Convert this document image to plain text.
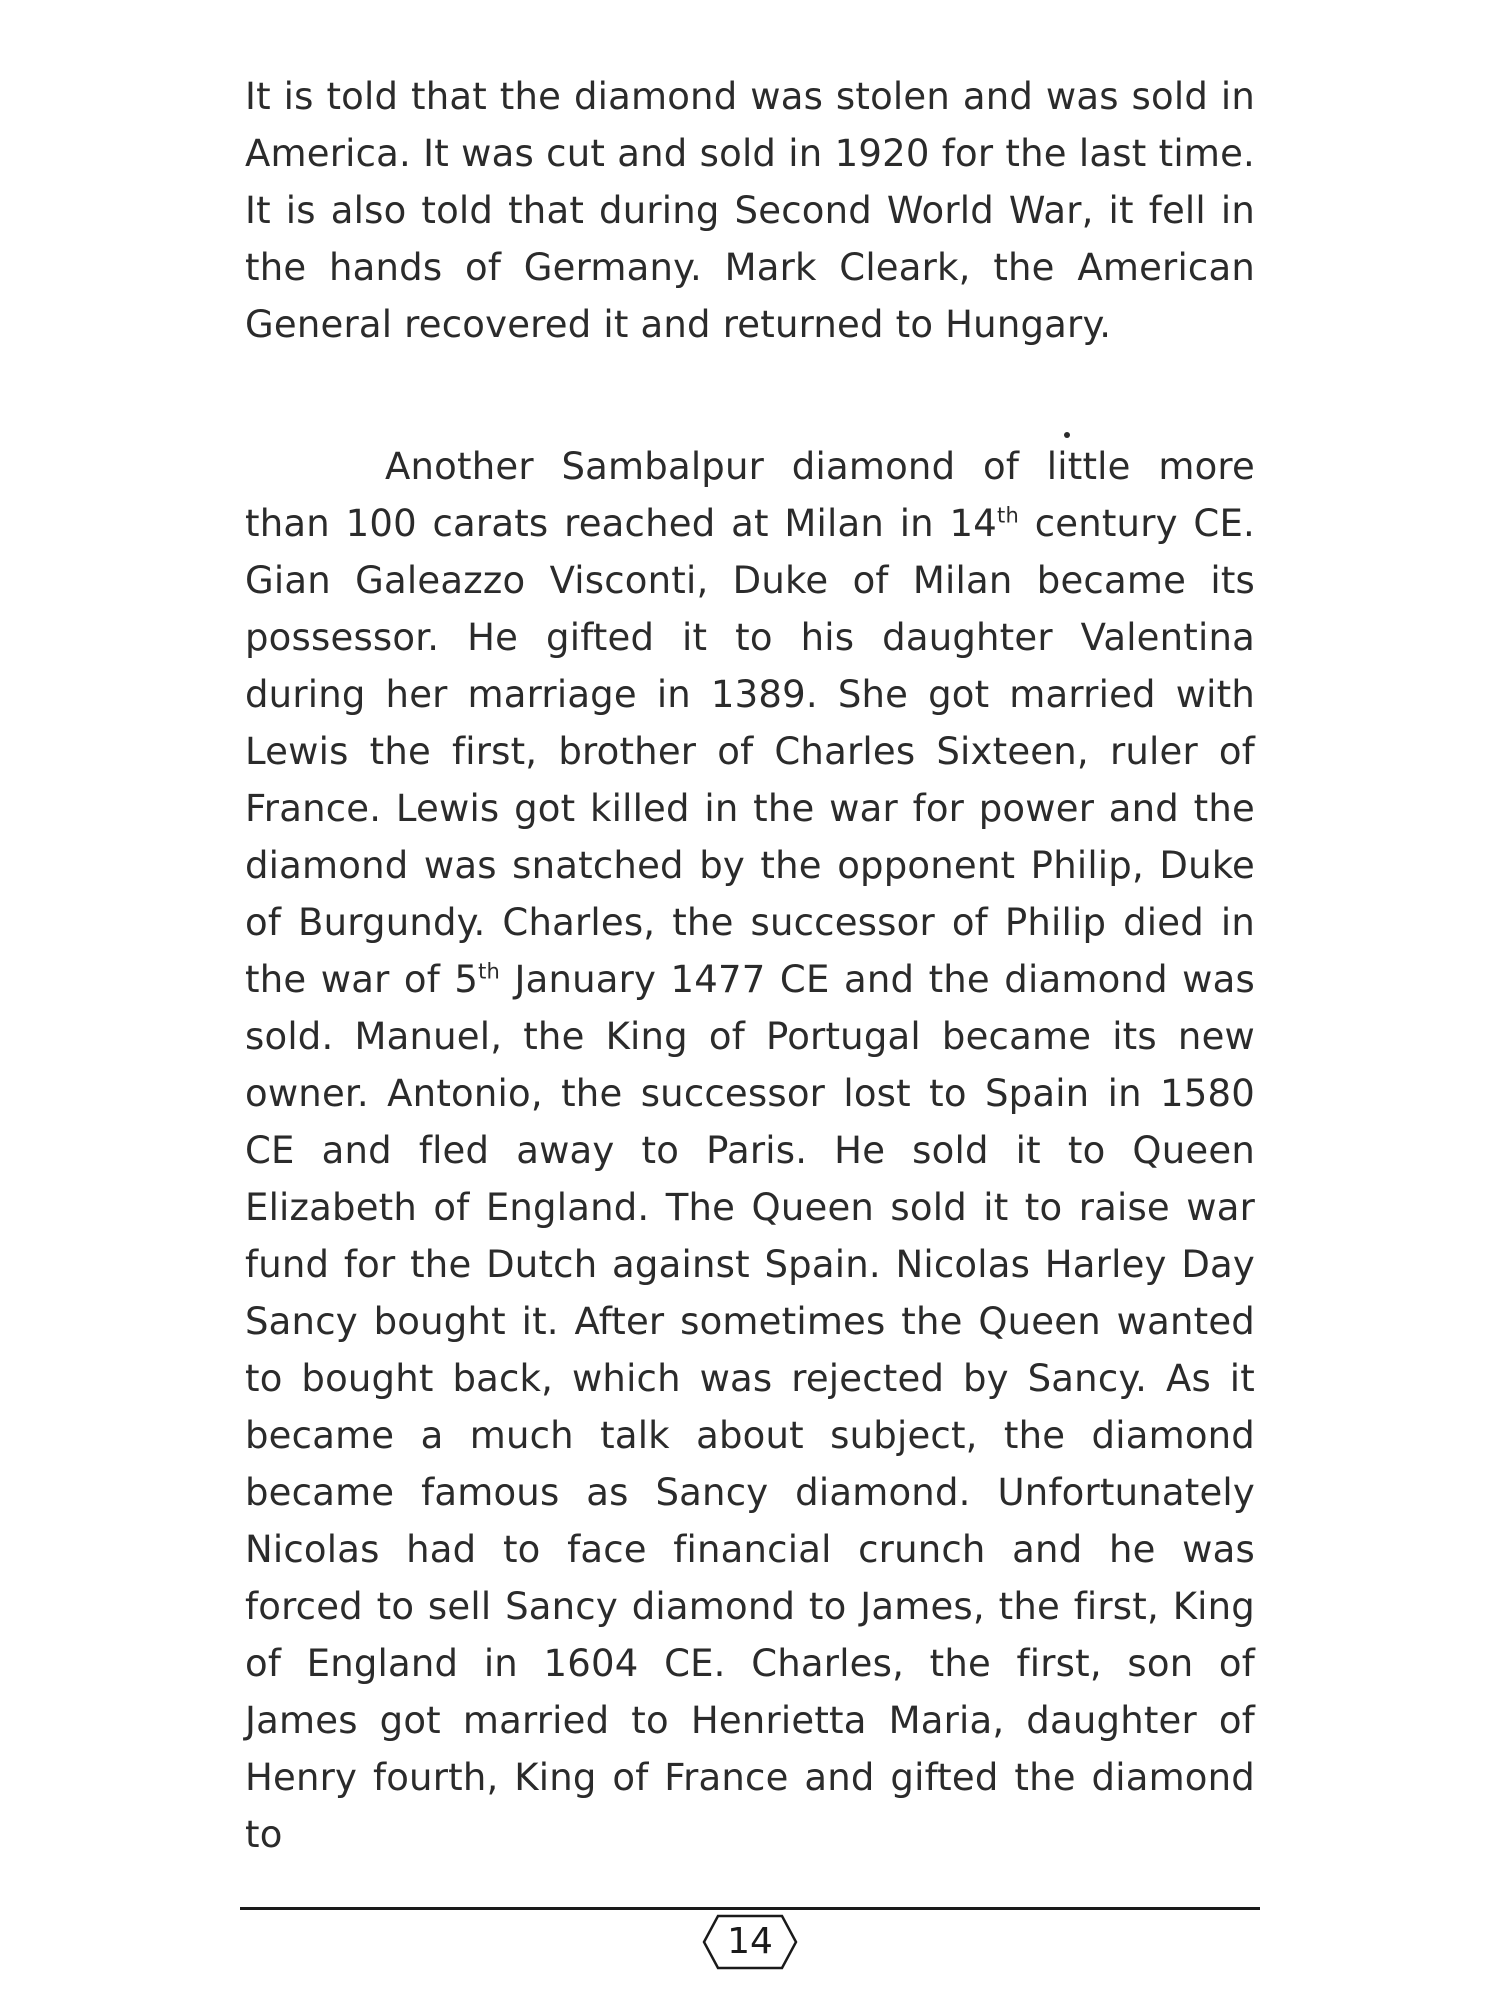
It is told that the diamond was stolen and was sold in America. It was cut and sold in 1920 for the last time. It is also told that during Second World War, it fell in the hands of Germany. Mark Cleark, the American General recovered it and returned to Hungary.

Another Sambalpur diamond of little more than 100 carats reached at Milan in 14th century CE. Gian Galeazzo Visconti, Duke of Milan became its possessor. He gifted it to his daughter Valentina during her marriage in 1389. She got married with Lewis the first, brother of Charles Sixteen, ruler of France. Lewis got killed in the war for power and the diamond was snatched by the opponent Philip, Duke of Burgundy. Charles, the successor of Philip died in the war of 5th January 1477 CE and the diamond was sold. Manuel, the King of Portugal became its new owner. Antonio, the successor lost to Spain in 1580 CE and fled away to Paris. He sold it to Queen Elizabeth of England. The Queen sold it to raise war fund for the Dutch against Spain. Nicolas Harley Day Sancy bought it. After sometimes the Queen wanted to bought back, which was rejected by Sancy. As it became a much talk about subject, the diamond became famous as Sancy diamond. Unfortunately Nicolas had to face financial crunch and he was forced to sell Sancy diamond to James, the first, King of England in 1604 CE. Charles, the first, son of James got married to Henrietta Maria, daughter of Henry fourth, King of France and gifted the diamond to

14
